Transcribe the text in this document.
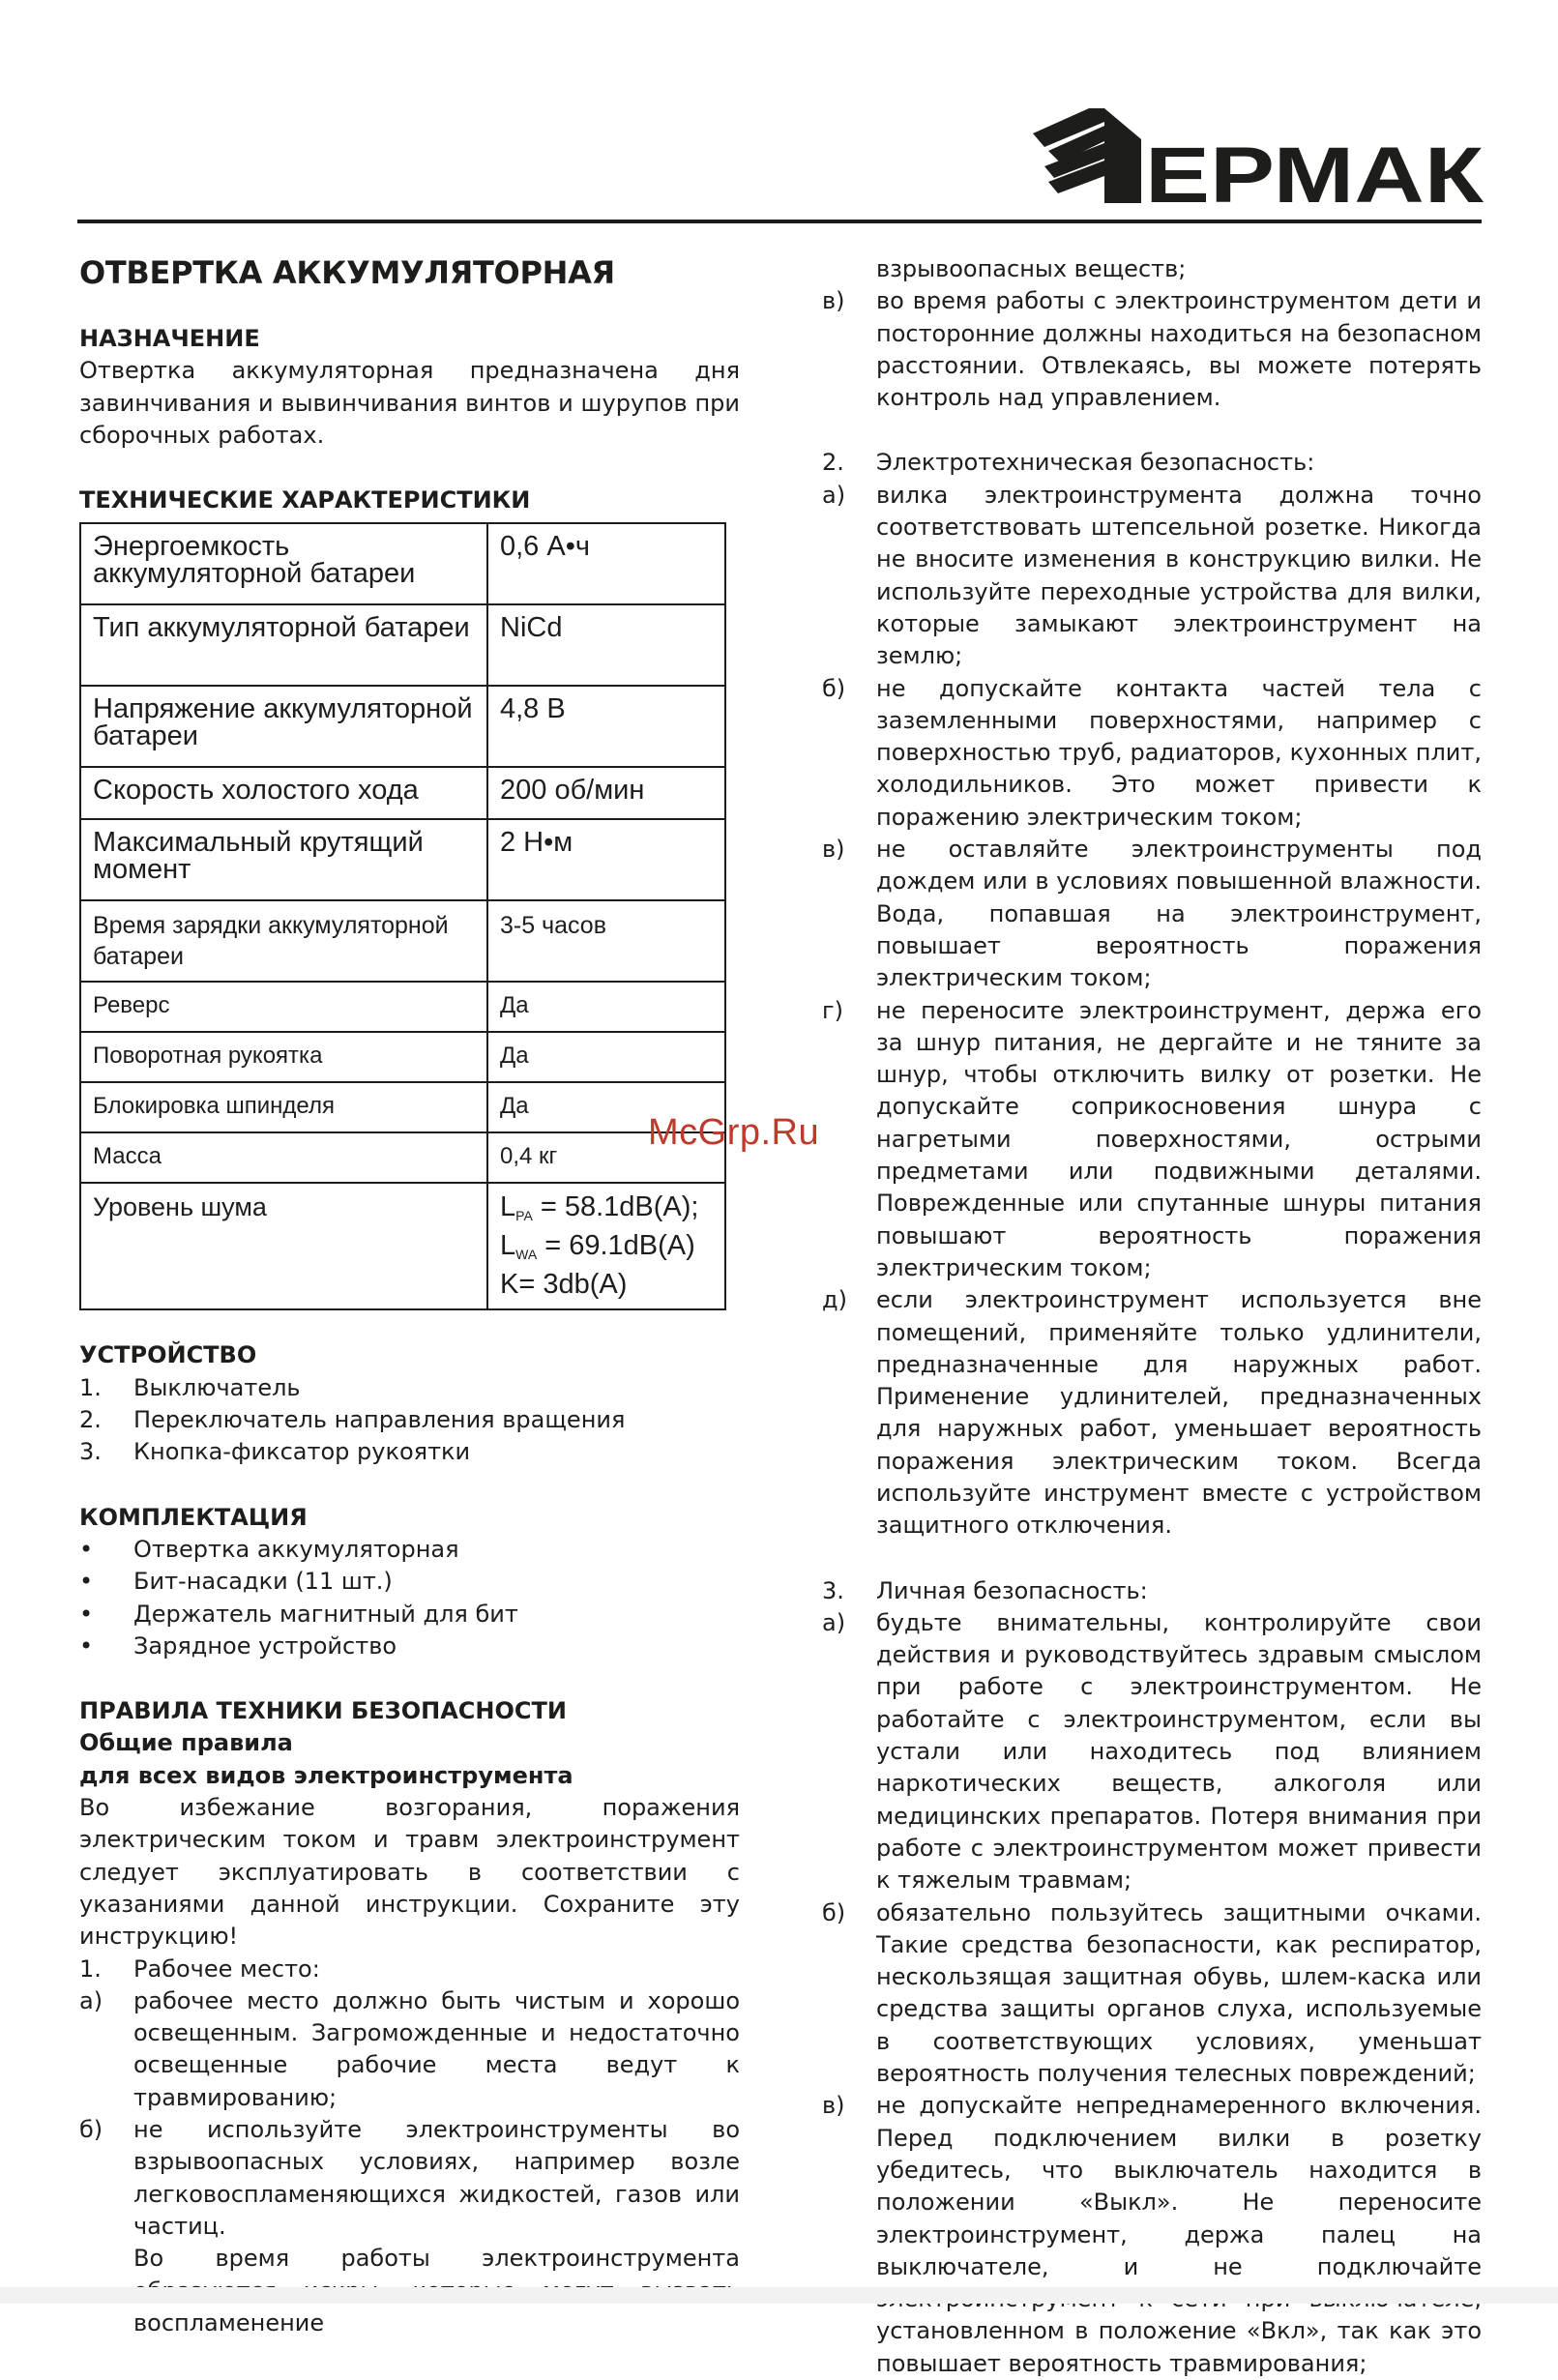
ЕРМАК
ОТВЕРТКА АККУМУЛЯТОРНАЯ
НАЗНАЧЕНИЕ

Отвертка аккумуляторная предназначена дня завинчивания и вывинчивания винтов и шурупов при сборочных работах.

ТЕХНИЧЕСКИЕ ХАРАКТЕРИСТИКИ
Энергоемкость аккумуляторной батареи	0,6 А•ч
Тип аккумуляторной батареи	NiCd
Напряжение аккумуляторной батареи	4,8 В
Скорость холостого хода	200 об/мин
Максимальный крутящий момент	2 Н•м
Время зарядки аккумуляторной батареи	3-5 часов
Реверс	Да
Поворотная рукоятка	Да
Блокировка шпинделя	Да
Масса	0,4 кг
Уровень шума	$L_{PA} = 58.1dB(A)$;
$L_{WA} = 69.1dB(A)$
K= 3db(A)
УСТРОЙСТВО
1.	Выключатель
2.	Переключатель направления вращения
3.	Кнопка-фиксатор рукоятки
КОМПЛЕКТАЦИЯ
•	Отвертка аккумуляторная
•	Бит-насадки (11 шт.)
•	Держатель магнитный для бит
•	Зарядное устройство
ПРАВИЛА ТЕХНИКИ БЕЗОПАСНОСТИ
Общие правила
для всех видов электроинструмента

Во избежание возгорания, поражения электрическим током и травм электроинструмент следует эксплуатировать в соответствии с указаниями данной инструкции. Сохраните эту инструкцию!

1.	Рабочее место:
а)	рабочее место должно быть чистым и хорошо освещенным. Загроможденные и недостаточно освещенные рабочие места ведут к травмированию;
б)	не используйте электроинструменты во взрывоопасных условиях, например возле легковоспламеняющихся жидкостей, газов или частиц.

Во время работы электроинструмента воспламенение

взрывоопасных веществ;

в)	во время работы с электроинструментом дети и посторонние должны находиться на безопасном расстоянии. Отвлекаясь, вы можете потерять контроль над управлением.
2.	Электротехническая безопасность:
а)	вилка электроинструмента должна точно соответствовать штепсельной розетке. Никогда не вносите изменения в конструкцию вилки. Не используйте переходные устройства для вилки, которые замыкают электроинструмент на землю;
б)	не допускайте контакта частей тела с заземленными поверхностями, например с поверхностью труб, радиаторов, кухонных плит, холодильников. Это может привести к поражению электрическим током;
в)	не оставляйте электроинструменты под дождем или в условиях повышенной влажности. Вода, попавшая на электроинструмент, повышает вероятность поражения электрическим током;
г)	не переносите электроинструмент, держа его за шнур питания, не дергайте и не тяните за шнур, чтобы отключить вилку от розетки. Не допускайте соприкосновения шнура с нагретыми поверхностями, острыми предметами или подвижными деталями. Поврежденные или спутанные шнуры питания повышают вероятность поражения электрическим током;
д)	если электроинструмент используется вне помещений, применяйте только удлинители, предназначенные для наружных работ. Применение удлинителей, предназначенных для наружных работ, уменьшает вероятность поражения электрическим током. Всегда используйте инструмент вместе с устройством защитного отключения.
3.	Личная безопасность:
а)	будьте внимательны, контролируйте свои действия и руководствуйтесь здравым смыслом при работе с электроинструментом. Не работайте с электроинструментом, если вы устали или находитесь под влиянием наркотических веществ, алкоголя или медицинских препаратов. Потеря внимания при работе с электроинструментом может привести к тяжелым травмам;
б)	обязательно пользуйтесь защитными очками. Такие средства безопасности, как респиратор, нескользящая защитная обувь, шлем-каска или средства защиты органов слуха, используемые в соответствующих условиях, уменьшат вероятность получения телесных повреждений;
в)	не допускайте непреднамеренного включения. Перед подключением вилки в розетку убедитесь, что выключатель находится в положении «Выкл». Не переносите электроинструмент, держа палец на выключателе, и не подключайте установленном в положение «Вкл», так как это повышает вероятность травмирования;
McGrp.Ru
